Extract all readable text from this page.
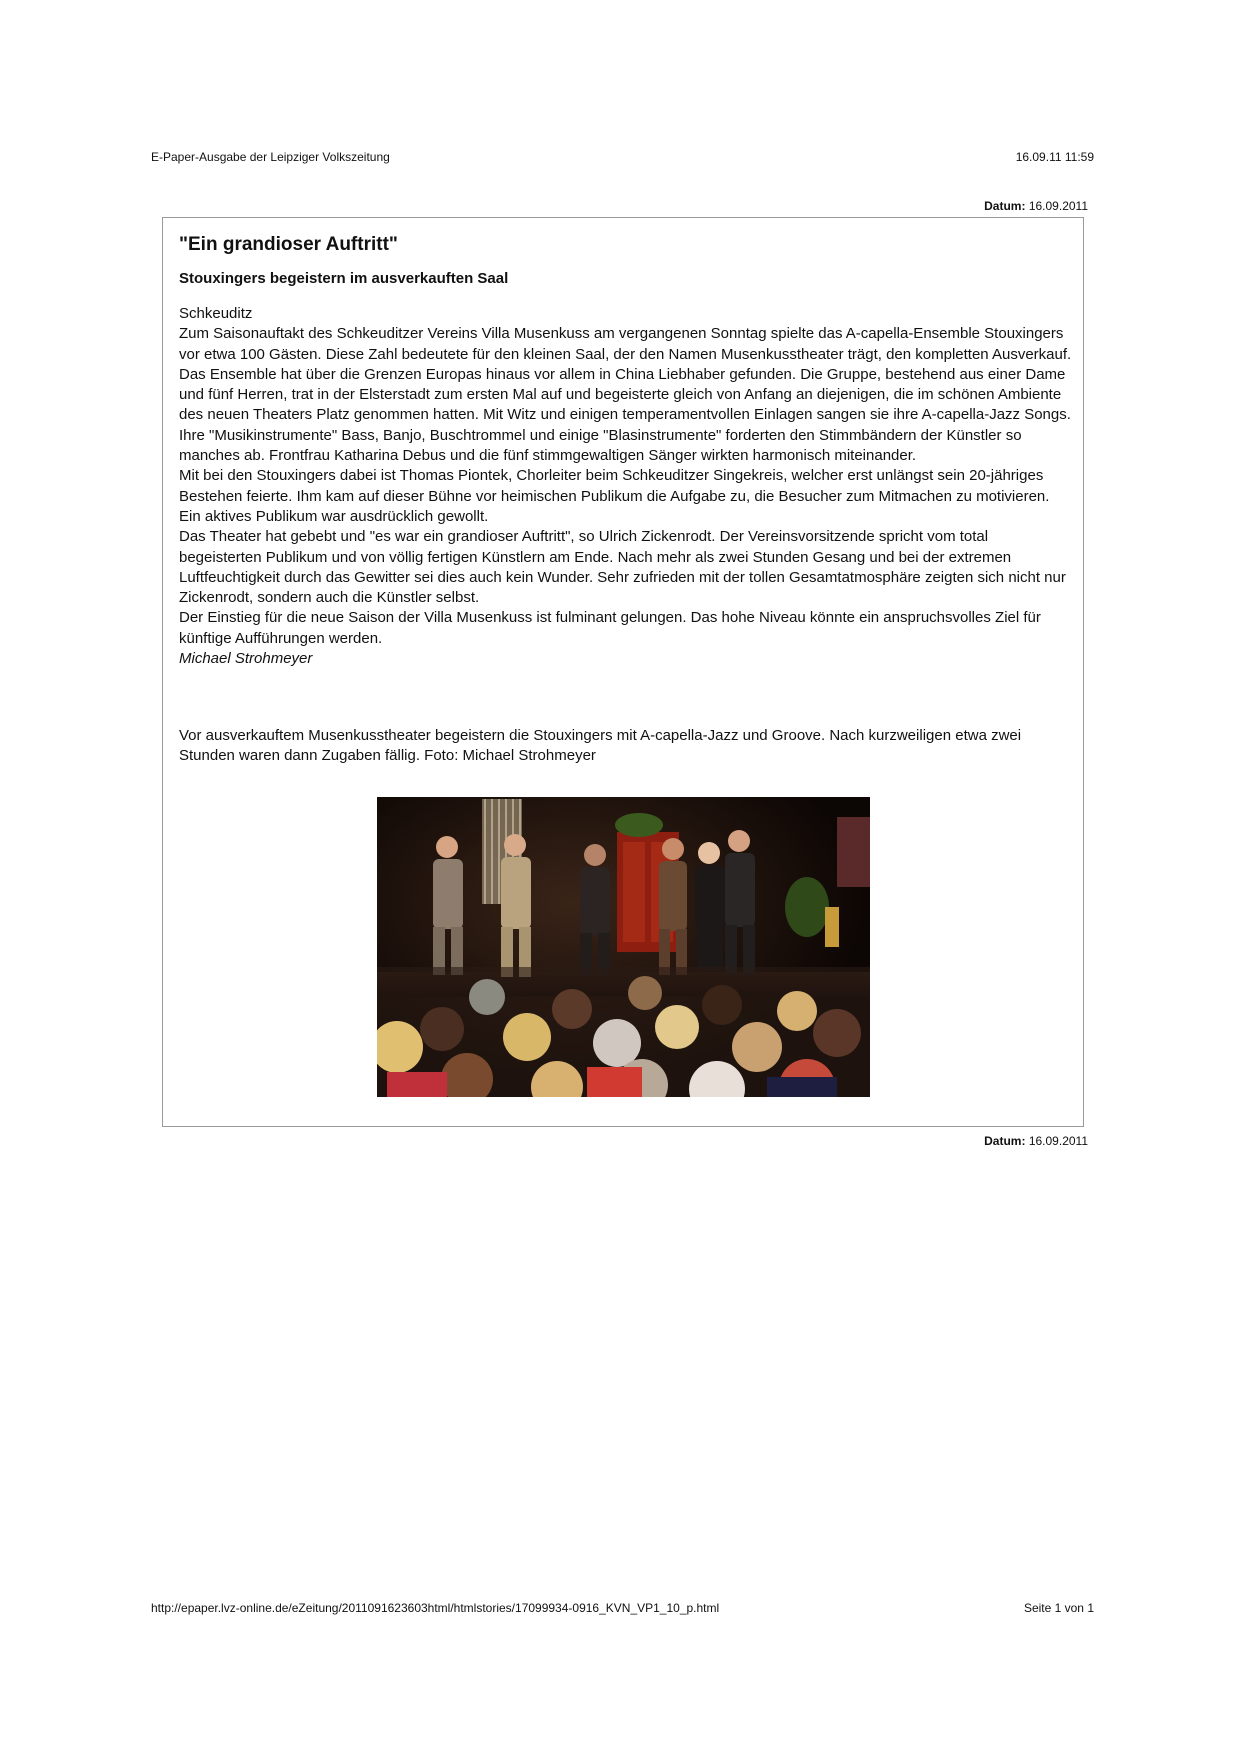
E-Paper-Ausgabe der Leipziger Volkszeitung	16.09.11 11:59
Datum: 16.09.2011
"Ein grandioser Auftritt"
Stouxingers begeistern im ausverkauften Saal

Schkeuditz

Zum Saisonauftakt des Schkeuditzer Vereins Villa Musenkuss am vergangenen Sonntag spielte das A-capella-Ensemble Stouxingers vor etwa 100 Gästen. Diese Zahl bedeutete für den kleinen Saal, der den Namen Musenkusstheater trägt, den kompletten Ausverkauf.

Das Ensemble hat über die Grenzen Europas hinaus vor allem in China Liebhaber gefunden. Die Gruppe, bestehend aus einer Dame und fünf Herren, trat in der Elsterstadt zum ersten Mal auf und begeisterte gleich von Anfang an diejenigen, die im schönen Ambiente des neuen Theaters Platz genommen hatten. Mit Witz und einigen temperamentvollen Einlagen sangen sie ihre A-capella-Jazz Songs. Ihre "Musikinstrumente" Bass, Banjo, Buschtrommel und einige "Blasinstrumente" forderten den Stimmbändern der Künstler so manches ab. Frontfrau Katharina Debus und die fünf stimmgewaltigen Sänger wirkten harmonisch miteinander.

Mit bei den Stouxingers dabei ist Thomas Piontek, Chorleiter beim Schkeuditzer Singekreis, welcher erst unlängst sein 20-jähriges Bestehen feierte. Ihm kam auf dieser Bühne vor heimischen Publikum die Aufgabe zu, die Besucher zum Mitmachen zu motivieren. Ein aktives Publikum war ausdrücklich gewollt.

Das Theater hat gebebt und "es war ein grandioser Auftritt", so Ulrich Zickenrodt. Der Vereinsvorsitzende spricht vom total begeisterten Publikum und von völlig fertigen Künstlern am Ende. Nach mehr als zwei Stunden Gesang und bei der extremen Luftfeuchtigkeit durch das Gewitter sei dies auch kein Wunder. Sehr zufrieden mit der tollen Gesamtatmosphäre zeigten sich nicht nur Zickenrodt, sondern auch die Künstler selbst.

Der Einstieg für die neue Saison der Villa Musenkuss ist fulminant gelungen. Das hohe Niveau könnte ein anspruchsvolles Ziel für künftige Aufführungen werden.

Michael Strohmeyer

Vor ausverkauftem Musenkusstheater begeistern die Stouxingers mit A-capella-Jazz und Groove. Nach kurzweiligen etwa zwei Stunden waren dann Zugaben fällig. Foto: Michael Strohmeyer
Datum: 16.09.2011
http://epaper.lvz-online.de/eZeitung/2011091623603html/htmlstories/17099934-0916_KVN_VP1_10_p.html	Seite 1 von 1
